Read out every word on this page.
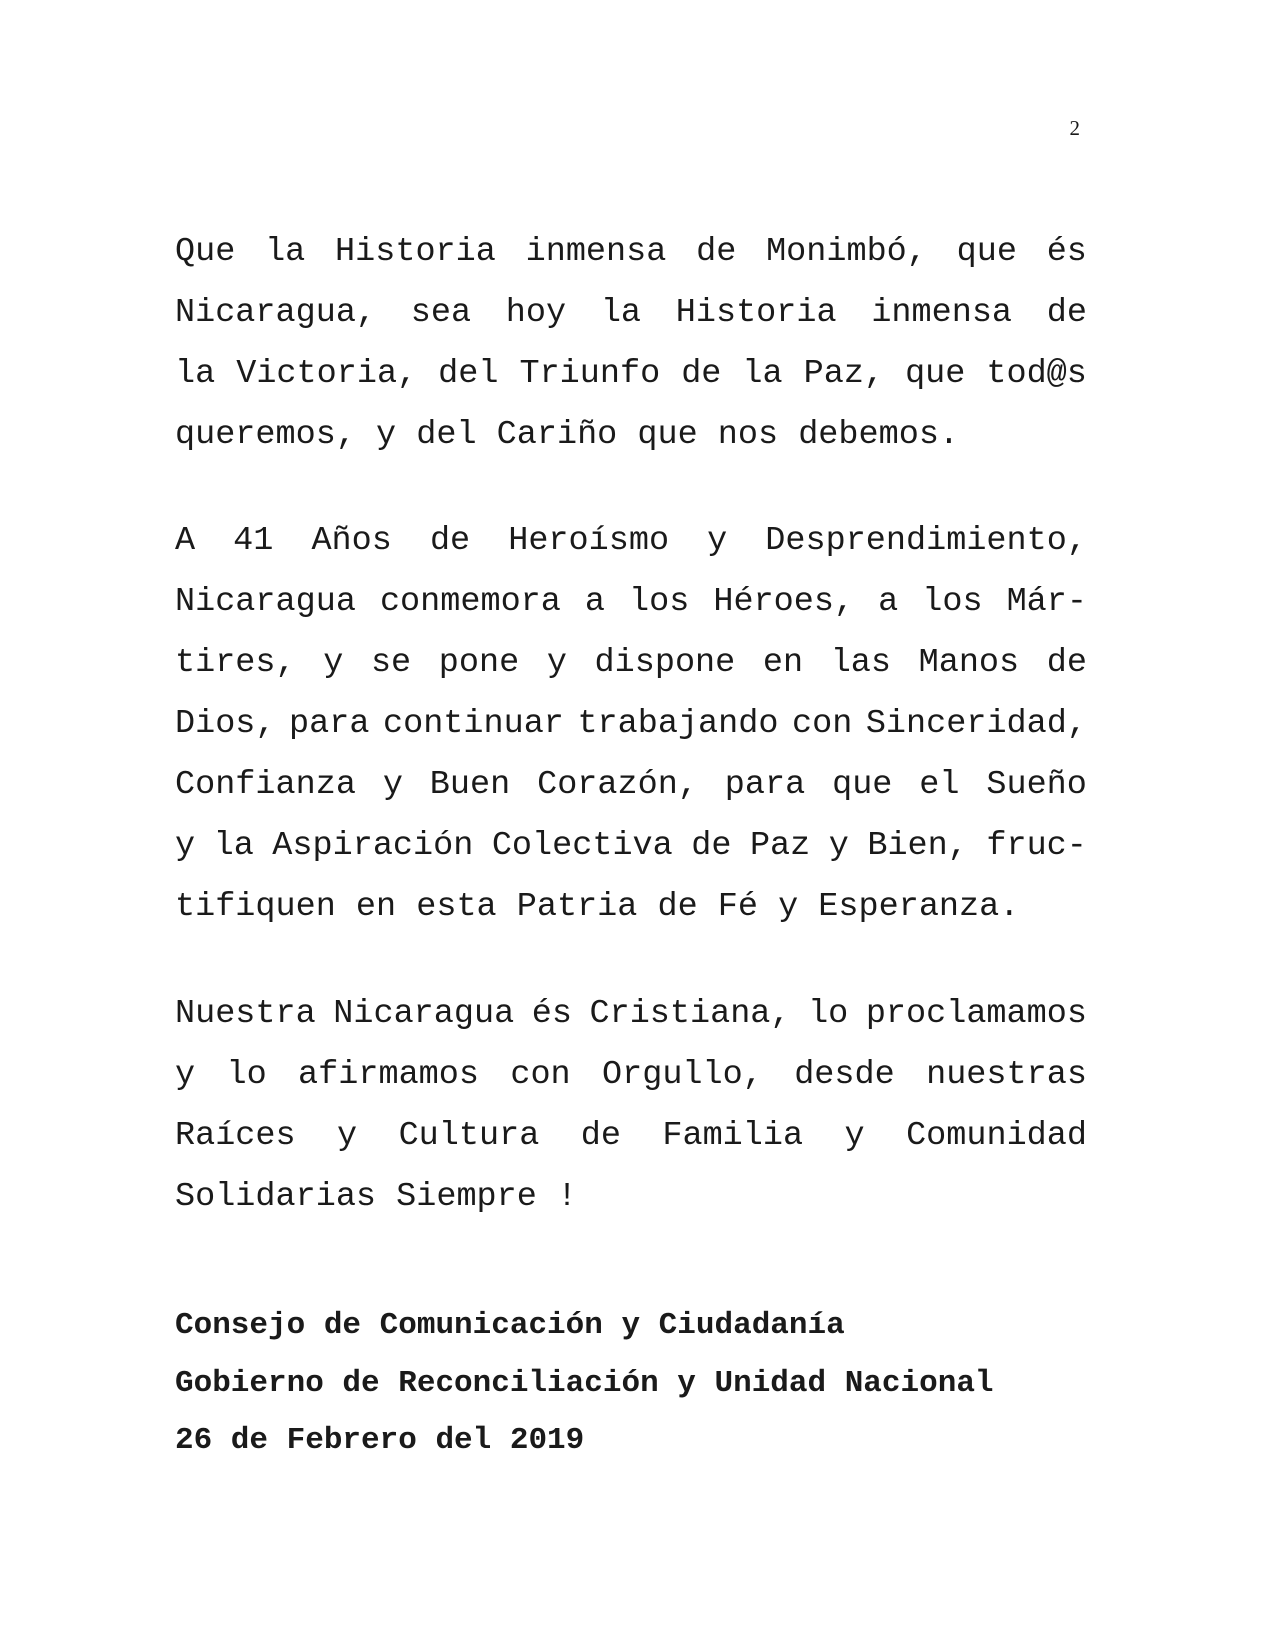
2

Que la Historia inmensa de Monimbó, que és
Nicaragua, sea hoy la Historia inmensa de
la Victoria, del Triunfo de la Paz, que tod@s
queremos, y del Cariño que nos debemos.

A 41 Años de Heroísmo y Desprendimiento,
Nicaragua conmemora a los Héroes, a los Már-
tires, y se pone y dispone en las Manos de
Dios, para continuar trabajando con Sinceridad,
Confianza y Buen Corazón, para que el Sueño
y la Aspiración Colectiva de Paz y Bien, fruc-
tifiquen en esta Patria de Fé y Esperanza.

Nuestra Nicaragua és Cristiana, lo proclamamos
y lo afirmamos con Orgullo, desde nuestras
Raíces y Cultura de Familia y Comunidad
Solidarias Siempre !

Consejo de Comunicación y Ciudadanía
Gobierno de Reconciliación y Unidad Nacional
26 de Febrero del 2019
